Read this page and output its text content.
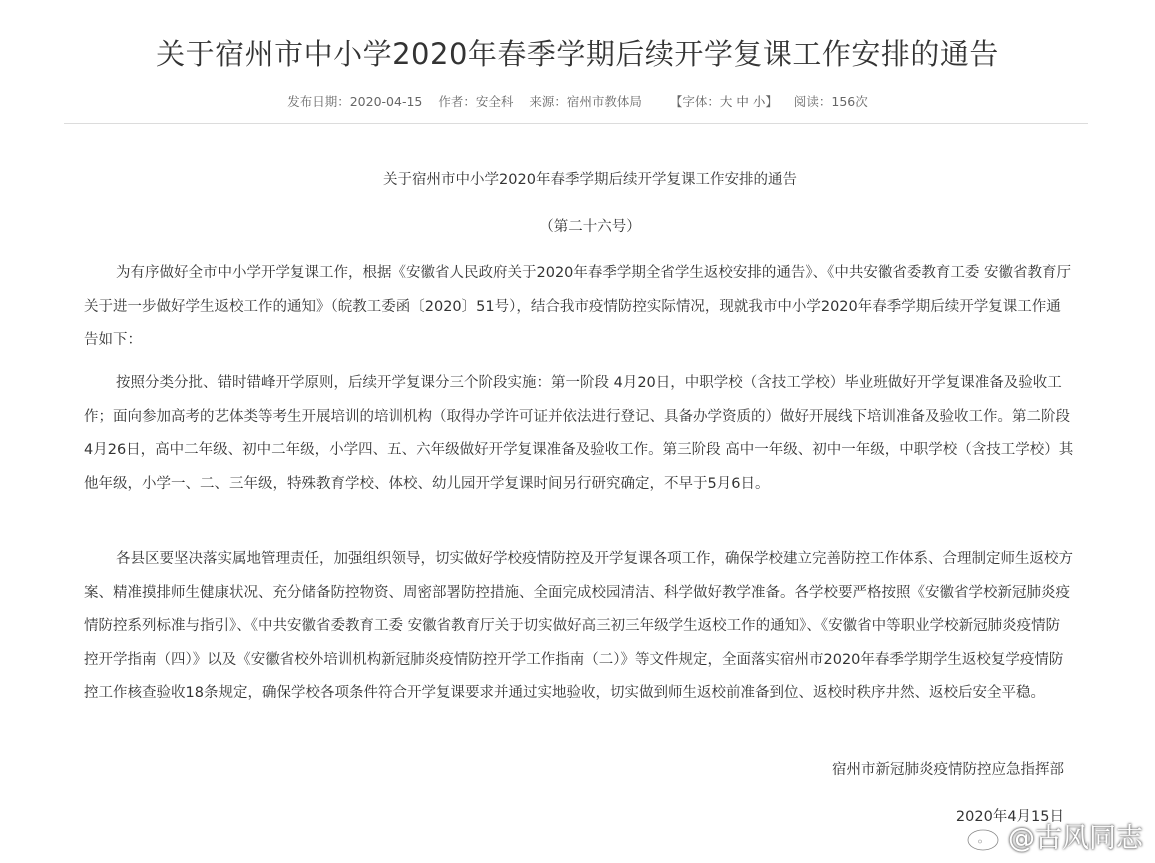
关于宿州市中小学2020年春季学期后续开学复课工作安排的通告
发布日期：2020-04-15 作者：安全科 来源：宿州市教体局 【字体：大 中 小】 阅读：156次
关于宿州市中小学2020年春季学期后续开学复课工作安排的通告
（第二十六号）

为有序做好全市中小学开学复课工作，根据《安徽省人民政府关于2020年春季学期全省学生返校安排的通告》、《中共安徽省委教育工委 安徽省教育厅关于进一步做好学生返校工作的通知》（皖教工委函〔2020〕51号），结合我市疫情防控实际情况，现就我市中小学2020年春季学期后续开学复课工作通告如下：

按照分类分批、错时错峰开学原则，后续开学复课分三个阶段实施：第一阶段 4月20日，中职学校（含技工学校）毕业班做好开学复课准备及验收工作；面向参加高考的艺体类等考生开展培训的培训机构（取得办学许可证并依法进行登记、具备办学资质的）做好开展线下培训准备及验收工作。第二阶段 4月26日，高中二年级、初中二年级，小学四、五、六年级做好开学复课准备及验收工作。第三阶段 高中一年级、初中一年级，中职学校（含技工学校）其他年级，小学一、二、三年级，特殊教育学校、体校、幼儿园开学复课时间另行研究确定，不早于5月6日。

各县区要坚决落实属地管理责任，加强组织领导，切实做好学校疫情防控及开学复课各项工作，确保学校建立完善防控工作体系、合理制定师生返校方案、精准摸排师生健康状况、充分储备防控物资、周密部署防控措施、全面完成校园清洁、科学做好教学准备。各学校要严格按照《安徽省学校新冠肺炎疫情防控系列标准与指引》、《中共安徽省委教育工委 安徽省教育厅关于切实做好高三初三年级学生返校工作的通知》、《安徽省中等职业学校新冠肺炎疫情防控开学指南（四）》以及《安徽省校外培训机构新冠肺炎疫情防控开学工作指南（二）》等文件规定，全面落实宿州市2020年春季学期学生返校复学疫情防控工作核查验收18条规定，确保学校各项条件符合开学复课要求并通过实地验收，切实做到师生返校前准备到位、返校时秩序井然、返校后安全平稳。

宿州市新冠肺炎疫情防控应急指挥部
2020年4月15日
@古风同志
